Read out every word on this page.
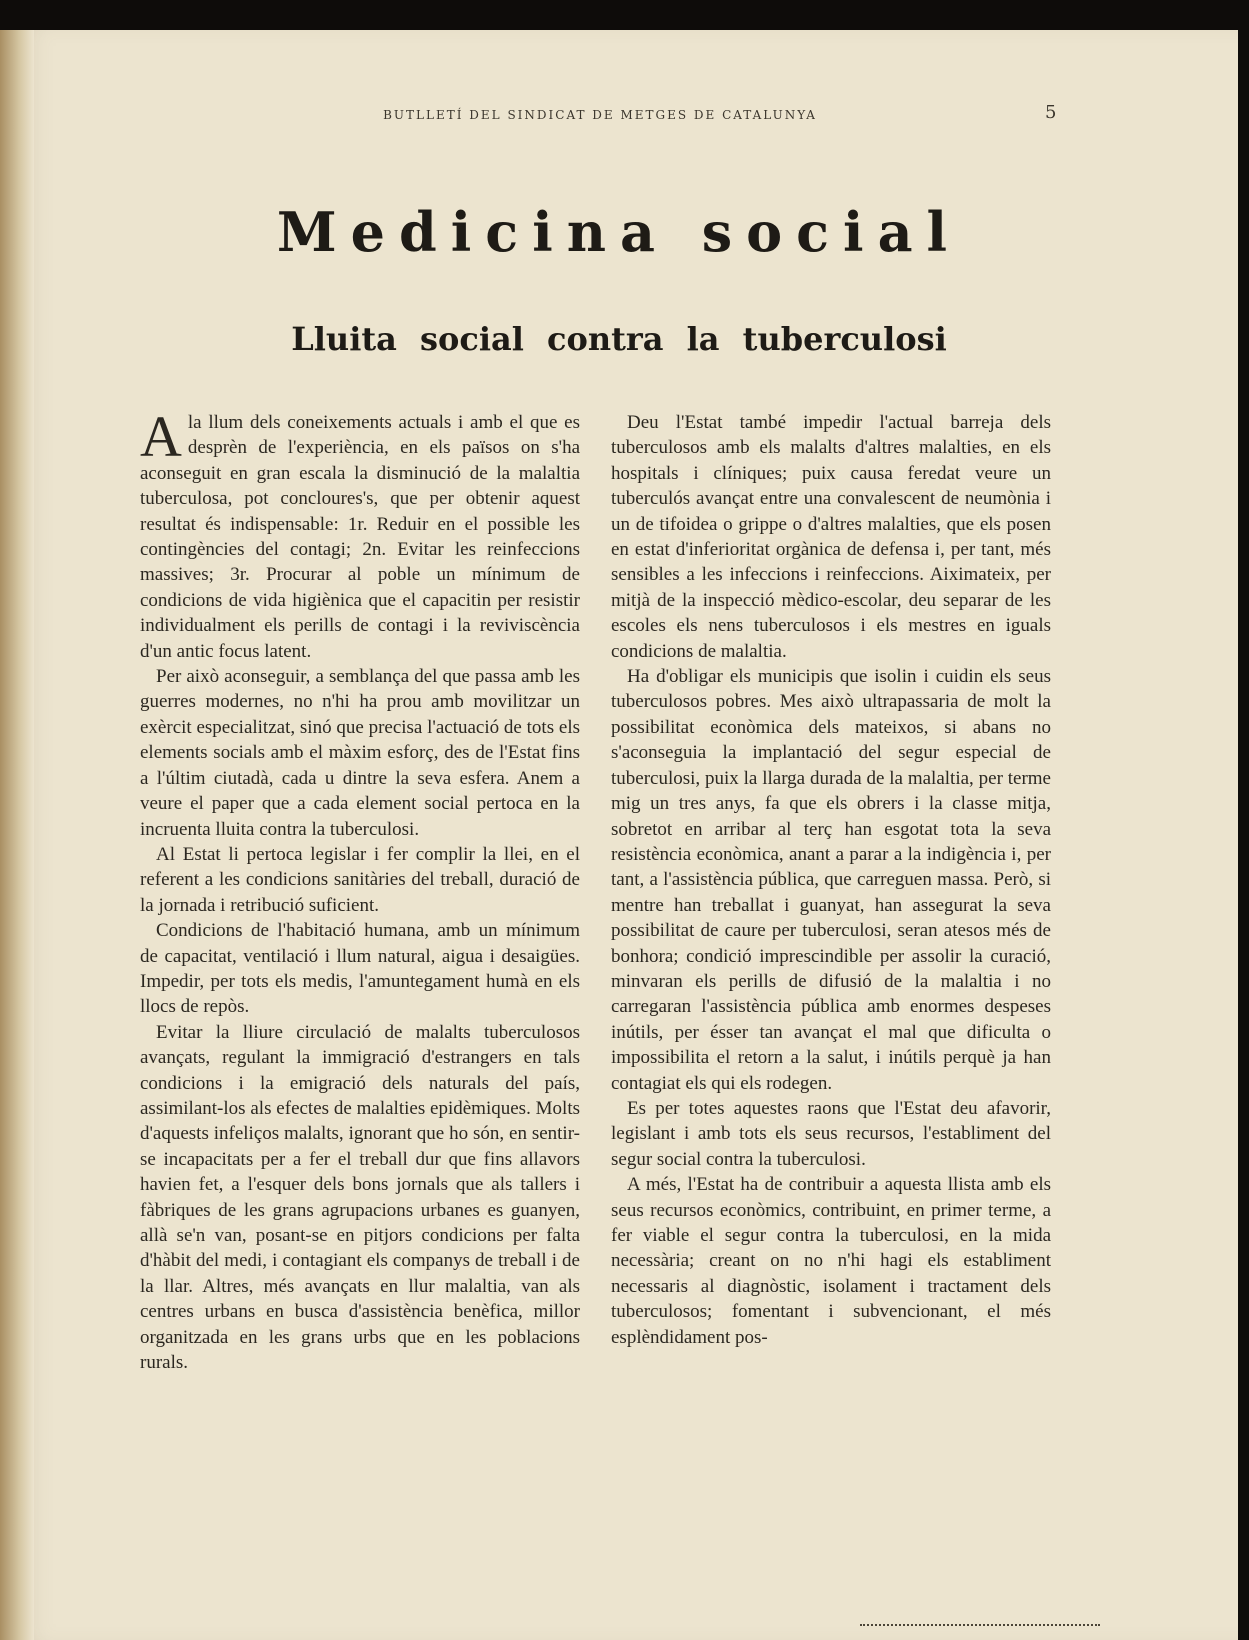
BUTLLETÍ DEL SINDICAT DE METGES DE CATALUNYA	5
Medicina social
Lluita social contra la tuberculosi

Ala llum dels coneixements actuals i amb el que es desprèn de l'experiència, en els països on s'ha aconseguit en gran escala la disminució de la malaltia tuberculosa, pot concloures's, que per obtenir aquest resultat és indispensable: 1r. Reduir en el possible les contingències del contagi; 2n. Evitar les reinfeccions massives; 3r. Procurar al poble un mínimum de condicions de vida higiènica que el capacitin per resistir individualment els perills de contagi i la reviviscència d'un antic focus latent.

Per això aconseguir, a semblança del que passa amb les guerres modernes, no n'hi ha prou amb movilitzar un exèrcit especialitzat, sinó que precisa l'actuació de tots els elements socials amb el màxim esforç, des de l'Estat fins a l'últim ciutadà, cada u dintre la seva esfera. Anem a veure el paper que a cada element social pertoca en la incruenta lluita contra la tuberculosi.

Al Estat li pertoca legislar i fer complir la llei, en el referent a les condicions sanitàries del treball, duració de la jornada i retribució suficient.

Condicions de l'habitació humana, amb un mínimum de capacitat, ventilació i llum natural, aigua i desaigües. Impedir, per tots els medis, l'amuntegament humà en els llocs de repòs.

Evitar la lliure circulació de malalts tuberculosos avançats, regulant la immigració d'estrangers en tals condicions i la emigració dels naturals del país, assimilant-los als efectes de malalties epidèmiques. Molts d'aquests infeliços malalts, ignorant que ho són, en sentir-se incapacitats per a fer el treball dur que fins allavors havien fet, a l'esquer dels bons jornals que als tallers i fàbriques de les grans agrupacions urbanes es guanyen, allà se'n van, posant-se en pitjors condicions per falta d'hàbit del medi, i contagiant els companys de treball i de la llar. Altres, més avançats en llur malaltia, van als centres urbans en busca d'assistència benèfica, millor organitzada en les grans urbs que en les poblacions rurals.

Deu l'Estat també impedir l'actual barreja dels tuberculosos amb els malalts d'altres malalties, en els hospitals i clíniques; puix causa feredat veure un tuberculós avançat entre una convalescent de neumònia i un de tifoidea o grippe o d'altres malalties, que els posen en estat d'inferioritat orgànica de defensa i, per tant, més sensibles a les infeccions i reinfeccions. Aiximateix, per mitjà de la inspecció mèdico-escolar, deu separar de les escoles els nens tuberculosos i els mestres en iguals condicions de malaltia.

Ha d'obligar els municipis que isolin i cuidin els seus tuberculosos pobres. Mes això ultrapassaria de molt la possibilitat econòmica dels mateixos, si abans no s'aconseguia la implantació del segur especial de tuberculosi, puix la llarga durada de la malaltia, per terme mig un tres anys, fa que els obrers i la classe mitja, sobretot en arribar al terç han esgotat tota la seva resistència econòmica, anant a parar a la indigència i, per tant, a l'assistència pública, que carreguen massa. Però, si mentre han treballat i guanyat, han assegurat la seva possibilitat de caure per tuberculosi, seran atesos més de bonhora; condició imprescindible per assolir la curació, minvaran els perills de difusió de la malaltia i no carregaran l'assistència pública amb enormes despeses inútils, per ésser tan avançat el mal que dificulta o impossibilita el retorn a la salut, i inútils perquè ja han contagiat els qui els rodegen.

Es per totes aquestes raons que l'Estat deu afavorir, legislant i amb tots els seus recursos, l'establiment del segur social contra la tuberculosi.

A més, l'Estat ha de contribuir a aquesta llista amb els seus recursos econòmics, contribuint, en primer terme, a fer viable el segur contra la tuberculosi, en la mida necessària; creant on no n'hi hagi els establiment necessaris al diagnòstic, isolament i tractament dels tuberculosos; fomentant i subvencionant, el més esplèndidament pos-
